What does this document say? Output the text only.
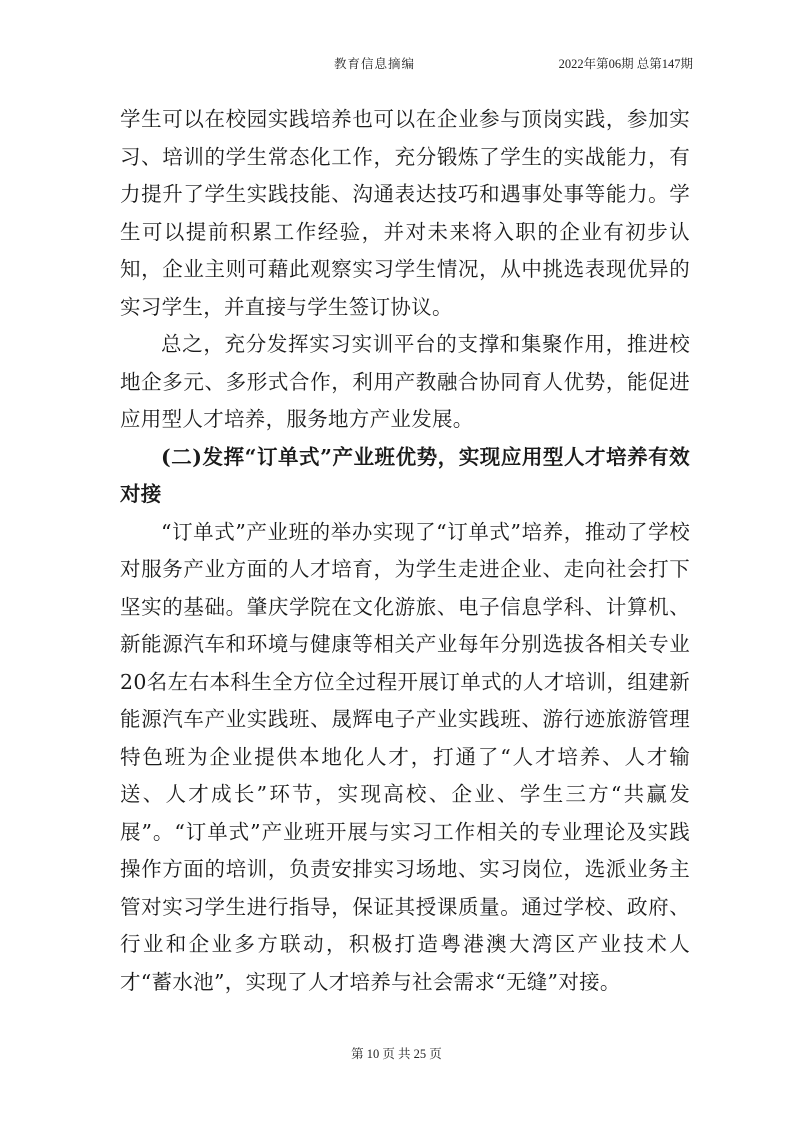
教育信息摘编	2022年第06期 总第147期

学生可以在校园实践培养也可以在企业参与顶岗实践，参加实习、培训的学生常态化工作，充分锻炼了学生的实战能力，有力提升了学生实践技能、沟通表达技巧和遇事处事等能力。学生可以提前积累工作经验，并对未来将入职的企业有初步认知，企业主则可藉此观察实习学生情况，从中挑选表现优异的实习学生，并直接与学生签订协议。

总之，充分发挥实习实训平台的支撑和集聚作用，推进校地企多元、多形式合作，利用产教融合协同育人优势，能促进应用型人才培养，服务地方产业发展。

(二)发挥“订单式”产业班优势，实现应用型人才培养有效对接

“订单式”产业班的举办实现了“订单式”培养，推动了学校对服务产业方面的人才培育，为学生走进企业、走向社会打下坚实的基础。肇庆学院在文化游旅、电子信息学科、计算机、新能源汽车和环境与健康等相关产业每年分别选拔各相关专业 20名左右本科生全方位全过程开展订单式的人才培训，组建新能源汽车产业实践班、晟辉电子产业实践班、游行迹旅游管理特色班为企业提供本地化人才，打通了“人才培养、人才输送、人才成长”环节，实现高校、企业、学生三方“共赢发展”。“订单式”产业班开展与实习工作相关的专业理论及实践操作方面的培训，负责安排实习场地、实习岗位，选派业务主管对实习学生进行指导，保证其授课质量。通过学校、政府、行业和企业多方联动，积极打造粤港澳大湾区产业技术人才“蓄水池”，实现了人才培养与社会需求“无缝”对接。

第 10 页 共 25 页
